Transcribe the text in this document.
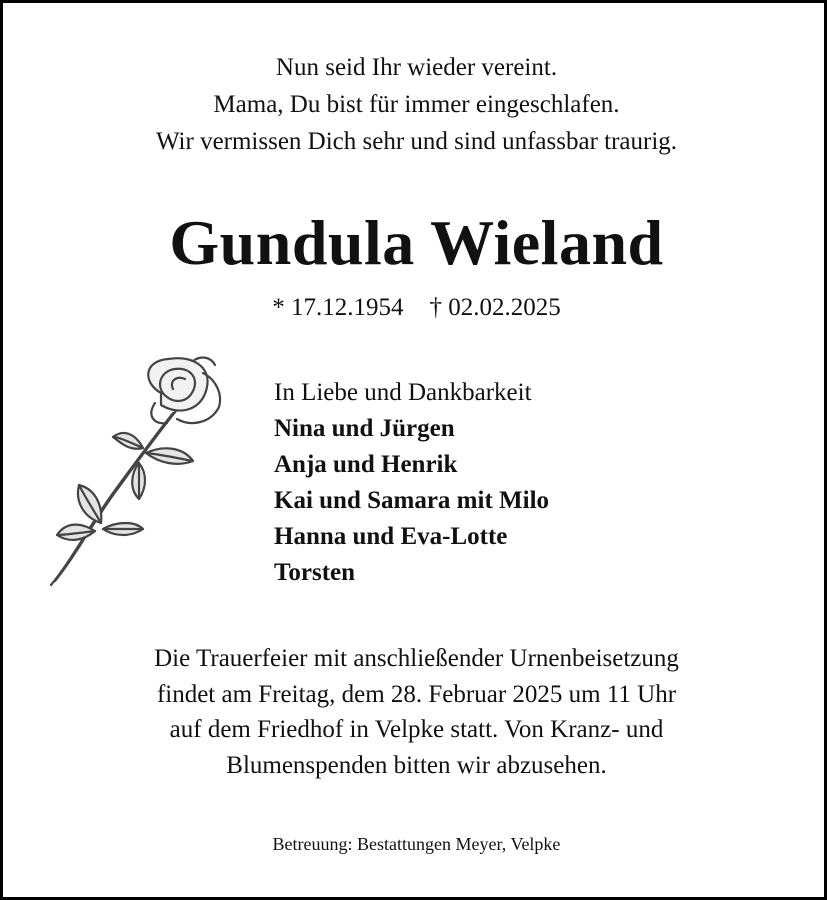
Nun seid Ihr wieder vereint.
Mama, Du bist für immer eingeschlafen.
Wir vermissen Dich sehr und sind unfassbar traurig.
Gundula Wieland
* 17.12.1954 † 02.02.2025
In Liebe und Dankbarkeit
Nina und Jürgen
Anja und Henrik
Kai und Samara mit Milo
Hanna und Eva-Lotte
Torsten
Die Trauerfeier mit anschließender Urnenbeisetzung
findet am Freitag, dem 28. Februar 2025 um 11 Uhr
auf dem Friedhof in Velpke statt. Von Kranz- und
Blumenspenden bitten wir abzusehen.
Betreuung: Bestattungen Meyer, Velpke
